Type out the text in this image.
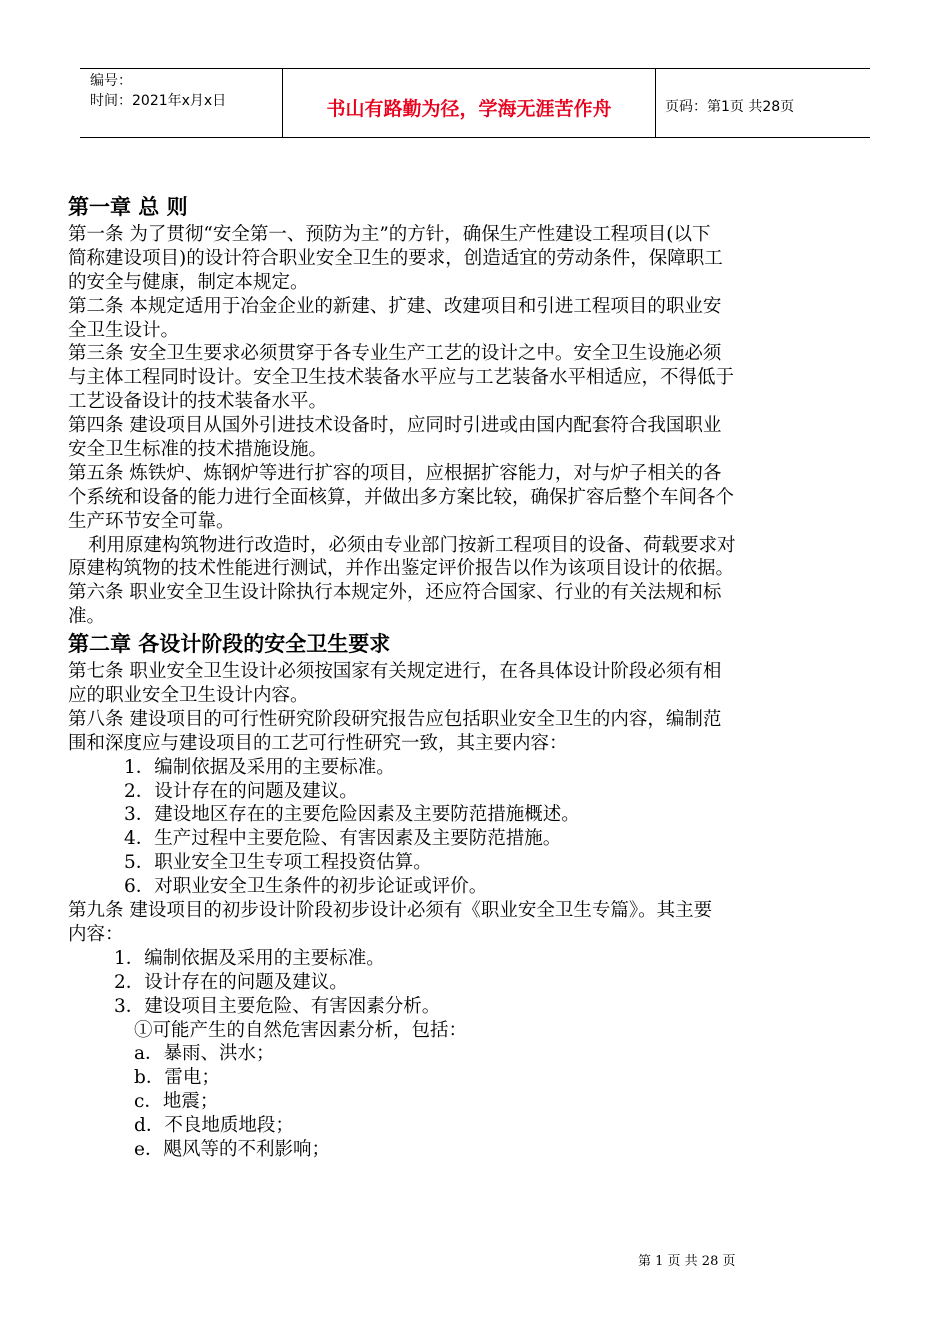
编号：
时间：2021年x月x日	书山有路勤为径，学海无涯苦作舟	页码：第1页 共28页
第一章 总 则
第一条 为了贯彻“安全第一、预防为主”的方针，确保生产性建设工程项目(以下
简称建设项目)的设计符合职业安全卫生的要求，创造适宜的劳动条件，保障职工
的安全与健康，制定本规定。
第二条 本规定适用于冶金企业的新建、扩建、改建项目和引进工程项目的职业安
全卫生设计。
第三条 安全卫生要求必须贯穿于各专业生产工艺的设计之中。安全卫生设施必须
与主体工程同时设计。安全卫生技术装备水平应与工艺装备水平相适应，不得低于
工艺设备设计的技术装备水平。
第四条 建设项目从国外引进技术设备时，应同时引进或由国内配套符合我国职业
安全卫生标准的技术措施设施。
第五条 炼铁炉、炼钢炉等进行扩容的项目，应根据扩容能力，对与炉子相关的各
个系统和设备的能力进行全面核算，并做出多方案比较，确保扩容后整个车间各个
生产环节安全可靠。
利用原建构筑物进行改造时，必须由专业部门按新工程项目的设备、荷载要求对
原建构筑物的技术性能进行测试，并作出鉴定评价报告以作为该项目设计的依据。
第六条 职业安全卫生设计除执行本规定外，还应符合国家、行业的有关法规和标
准。
第二章 各设计阶段的安全卫生要求
第七条 职业安全卫生设计必须按国家有关规定进行，在各具体设计阶段必须有相
应的职业安全卫生设计内容。
第八条 建设项目的可行性研究阶段研究报告应包括职业安全卫生的内容，编制范
围和深度应与建设项目的工艺可行性研究一致，其主要内容：
1．编制依据及采用的主要标准。
2．设计存在的问题及建议。
3．建设地区存在的主要危险因素及主要防范措施概述。
4．生产过程中主要危险、有害因素及主要防范措施。
5．职业安全卫生专项工程投资估算。
6．对职业安全卫生条件的初步论证或评价。
第九条 建设项目的初步设计阶段初步设计必须有《职业安全卫生专篇》。其主要
内容：
1．编制依据及采用的主要标准。
2．设计存在的问题及建议。
3．建设项目主要危险、有害因素分析。
①可能产生的自然危害因素分析，包括：
a．暴雨、洪水；
b．雷电；
c．地震；
d．不良地质地段；
e．飓风等的不利影响；
第 1 页 共 28 页
